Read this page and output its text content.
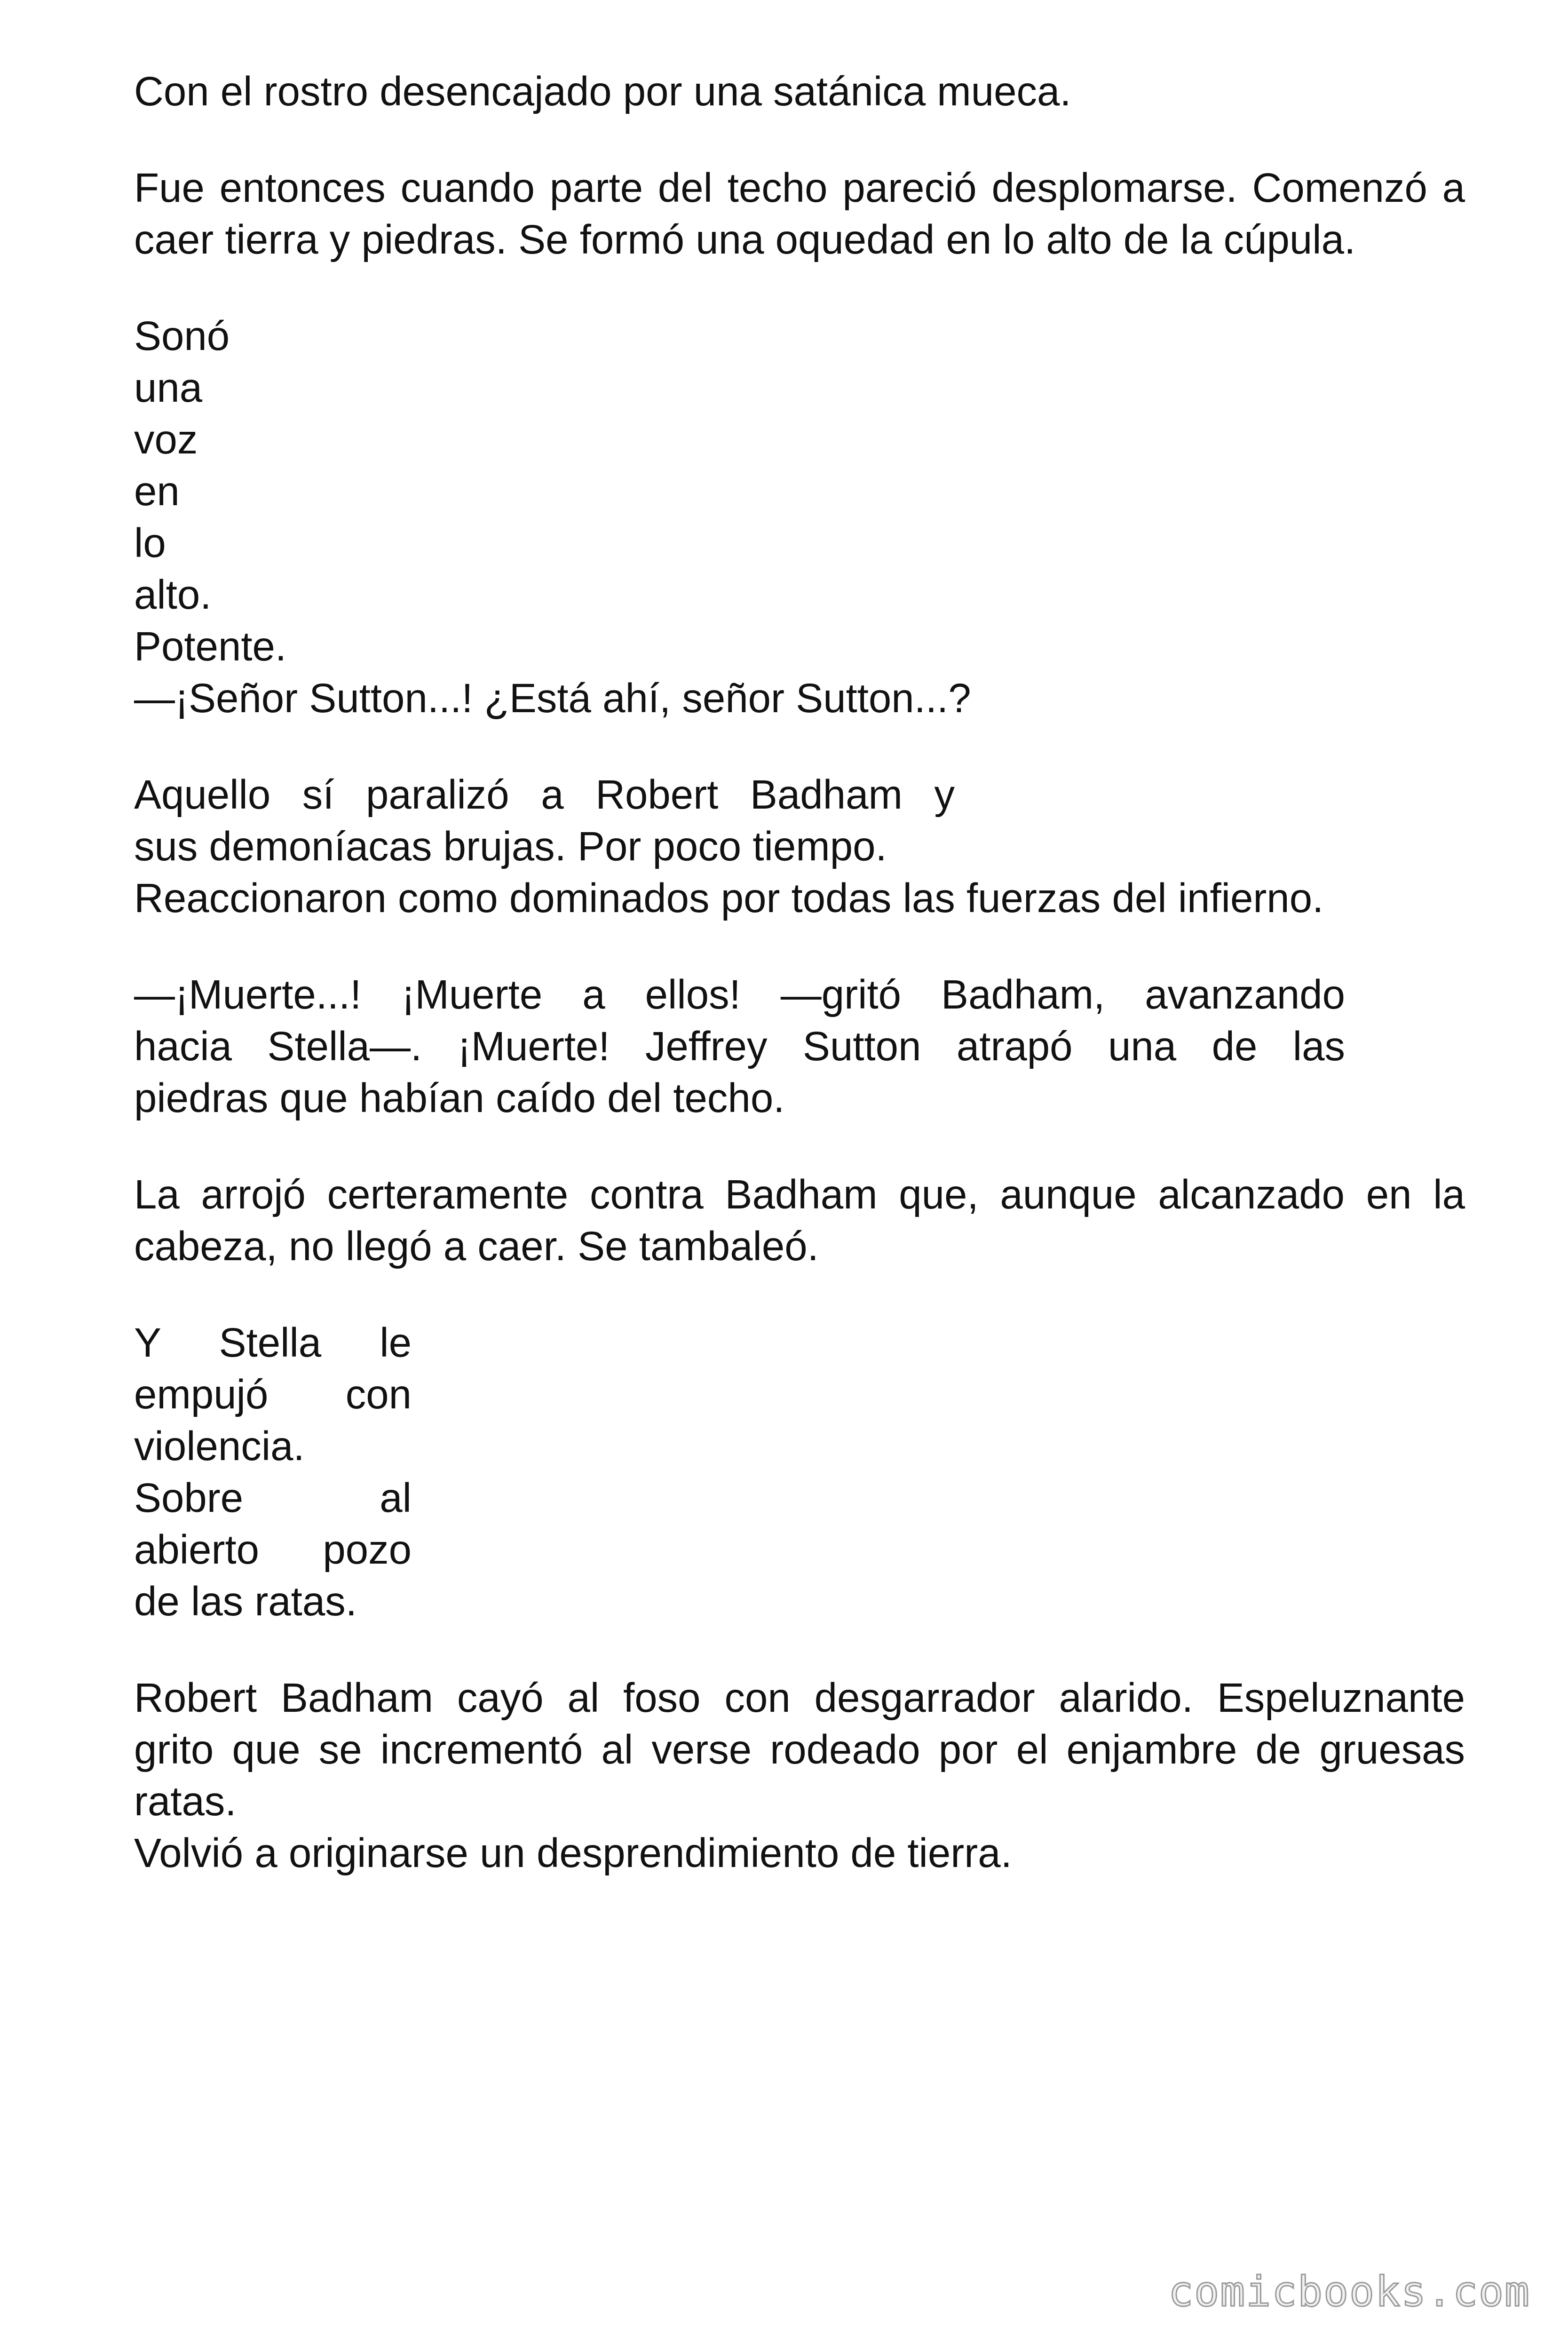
Con el rostro desencajado por una satánica mueca.

Fue entonces cuando parte del techo pareció desplomarse. Comenzó a caer tierra y piedras. Se formó una oquedad en lo alto de la cúpula.

Sonó
una
voz
en
lo
alto.
Potente.
—¡Señor Sutton...! ¿Está ahí, señor Sutton...?

Aquello sí paralizó a Robert Badham y
sus demoníacas brujas. Por poco tiempo.
Reaccionaron como dominados por todas las fuerzas del infierno.

—¡Muerte...! ¡Muerte a ellos! —gritó Badham, avanzando
hacia Stella—. ¡Muerte! Jeffrey Sutton atrapó una de las
piedras que habían caído del techo.

La arrojó certeramente contra Badham que, aunque alcanzado en la cabeza, no llegó a caer. Se tambaleó.

Y Stella le
empujó con
violencia.
Sobre al
abierto pozo
de las ratas.

Robert Badham cayó al foso con desgarrador alarido. Espeluznante
grito que se incrementó al verse rodeado por el enjambre de gruesas
ratas.
Volvió a originarse un desprendimiento de tierra.

comicbooks.com
